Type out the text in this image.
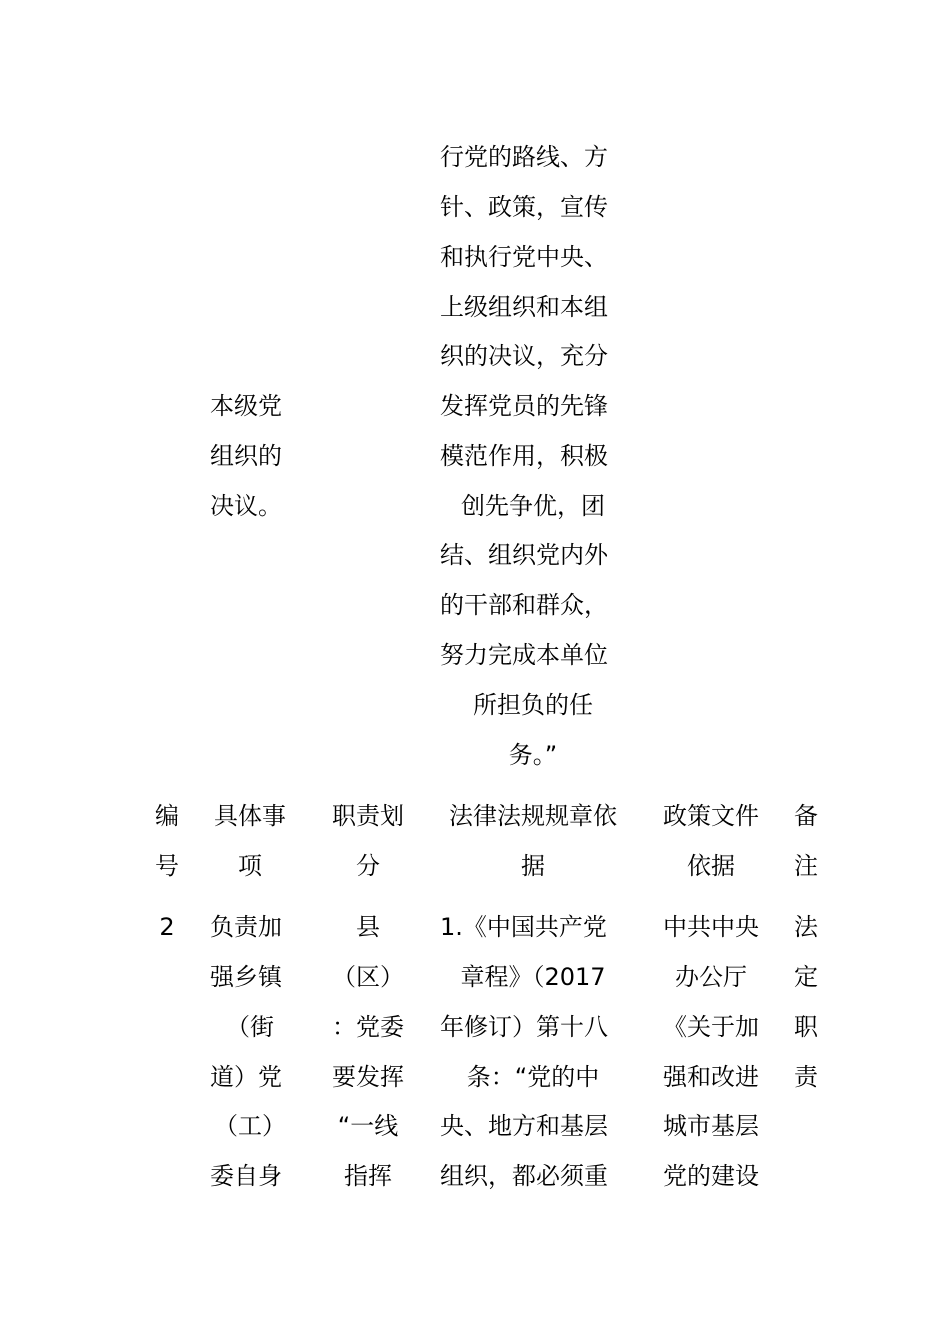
本级党
组织的
决议。
行党的路线、方
针、政策，宣传
和执行党中央、
上级组织和本组
织的决议，充分
发挥党员的先锋
模范作用，积极
创先争优，团
结、组织党内外
的干部和群众，
努力完成本单位
所担负的任
务。”
编
号
具体事
项
职责划
分
法律法规规章依
据
政策文件
依据
备
注
2	负责加
强乡镇
（街
道）党
（工）
委自身
县
（区）
：党委
要发挥
“一线
指挥
1.《中国共产党
章程》（2017
年修订）第十八
条：“党的中
央、地方和基层
组织，都必须重
中共中央
办公厅
《关于加
强和改进
城市基层
党的建设
法
定
职
责
